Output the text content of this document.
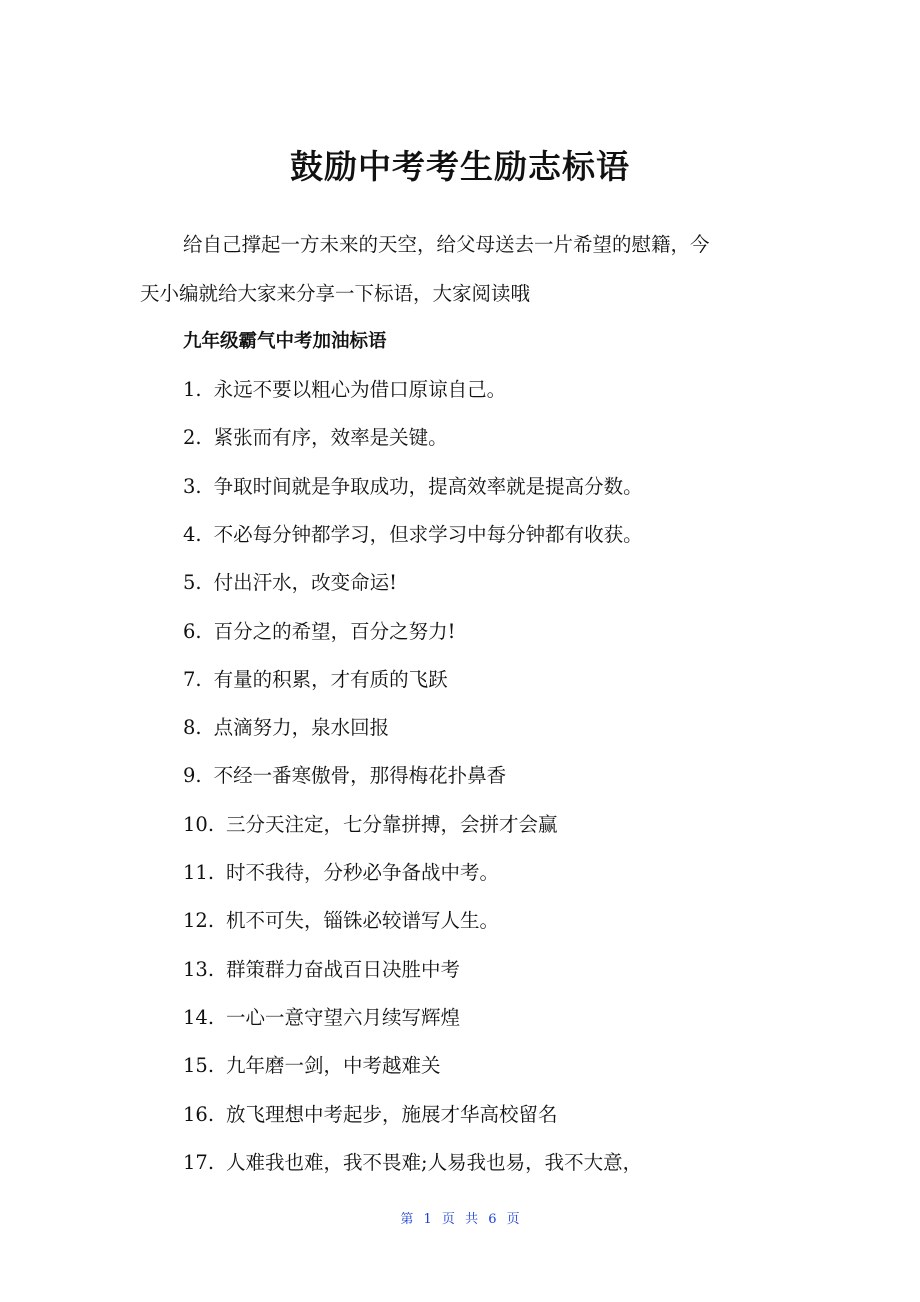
鼓励中考考生励志标语
给自己撑起一方未来的天空，给父母送去一片希望的慰籍，今
天小编就给大家来分享一下标语，大家阅读哦
九年级霸气中考加油标语
1. 永远不要以粗心为借口原谅自己。
2. 紧张而有序，效率是关键。
3. 争取时间就是争取成功，提高效率就是提高分数。
4. 不必每分钟都学习，但求学习中每分钟都有收获。
5. 付出汗水，改变命运!
6. 百分之的希望，百分之努力!
7. 有量的积累，才有质的飞跃
8. 点滴努力，泉水回报
9. 不经一番寒傲骨，那得梅花扑鼻香
10. 三分天注定，七分靠拼搏，会拼才会赢
11. 时不我待，分秒必争备战中考。
12. 机不可失，锱铢必较谱写人生。
13. 群策群力奋战百日决胜中考
14. 一心一意守望六月续写辉煌
15. 九年磨一剑，中考越难关
16. 放飞理想中考起步，施展才华高校留名
17. 人难我也难，我不畏难;人易我也易，我不大意，
第 1 页 共 6 页
